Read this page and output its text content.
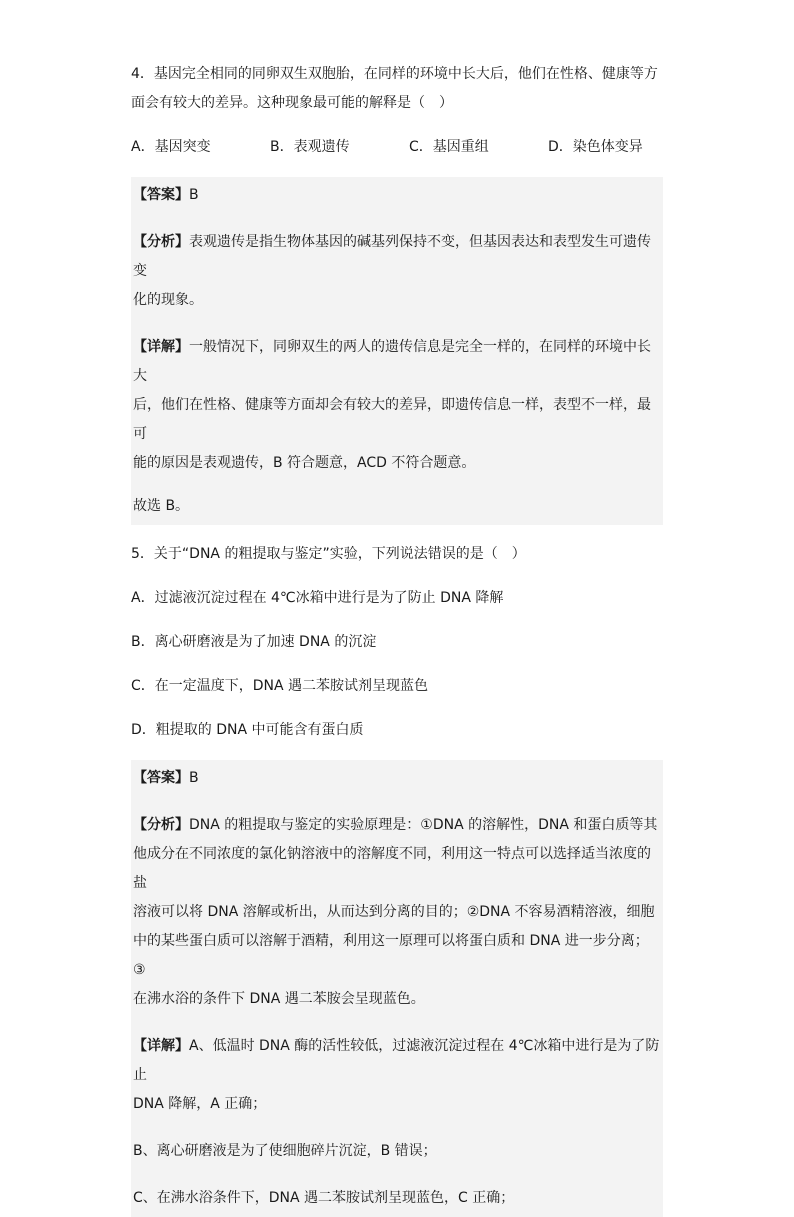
4．基因完全相同的同卵双生双胞胎，在同样的环境中长大后，他们在性格、健康等方

面会有较大的差异。这种现象最可能的解释是（　）

A．基因突变	B．表观遗传	C．基因重组	D．染色体变异

【答案】B

【分析】表观遗传是指生物体基因的碱基列保持不变，但基因表达和表型发生可遗传变

化的现象。

【详解】一般情况下，同卵双生的两人的遗传信息是完全一样的，在同样的环境中长大

后，他们在性格、健康等方面却会有较大的差异，即遗传信息一样，表型不一样，最可

能的原因是表观遗传，B 符合题意，ACD 不符合题意。

故选 B。

5．关于“DNA 的粗提取与鉴定”实验，下列说法错误的是（　）

A．过滤液沉淀过程在 4℃冰箱中进行是为了防止 DNA 降解

B．离心研磨液是为了加速 DNA 的沉淀

C．在一定温度下，DNA 遇二苯胺试剂呈现蓝色

D．粗提取的 DNA 中可能含有蛋白质

【答案】B

【分析】DNA 的粗提取与鉴定的实验原理是：①DNA 的溶解性，DNA 和蛋白质等其

他成分在不同浓度的氯化钠溶液中的溶解度不同，利用这一特点可以选择适当浓度的盐

溶液可以将 DNA 溶解或析出，从而达到分离的目的；②DNA 不容易酒精溶液，细胞

中的某些蛋白质可以溶解于酒精，利用这一原理可以将蛋白质和 DNA 进一步分离；③

在沸水浴的条件下 DNA 遇二苯胺会呈现蓝色。

【详解】A、低温时 DNA 酶的活性较低，过滤液沉淀过程在 4℃冰箱中进行是为了防止

DNA 降解，A 正确；

B、离心研磨液是为了使细胞碎片沉淀，B 错误；

C、在沸水浴条件下，DNA 遇二苯胺试剂呈现蓝色，C 正确；
